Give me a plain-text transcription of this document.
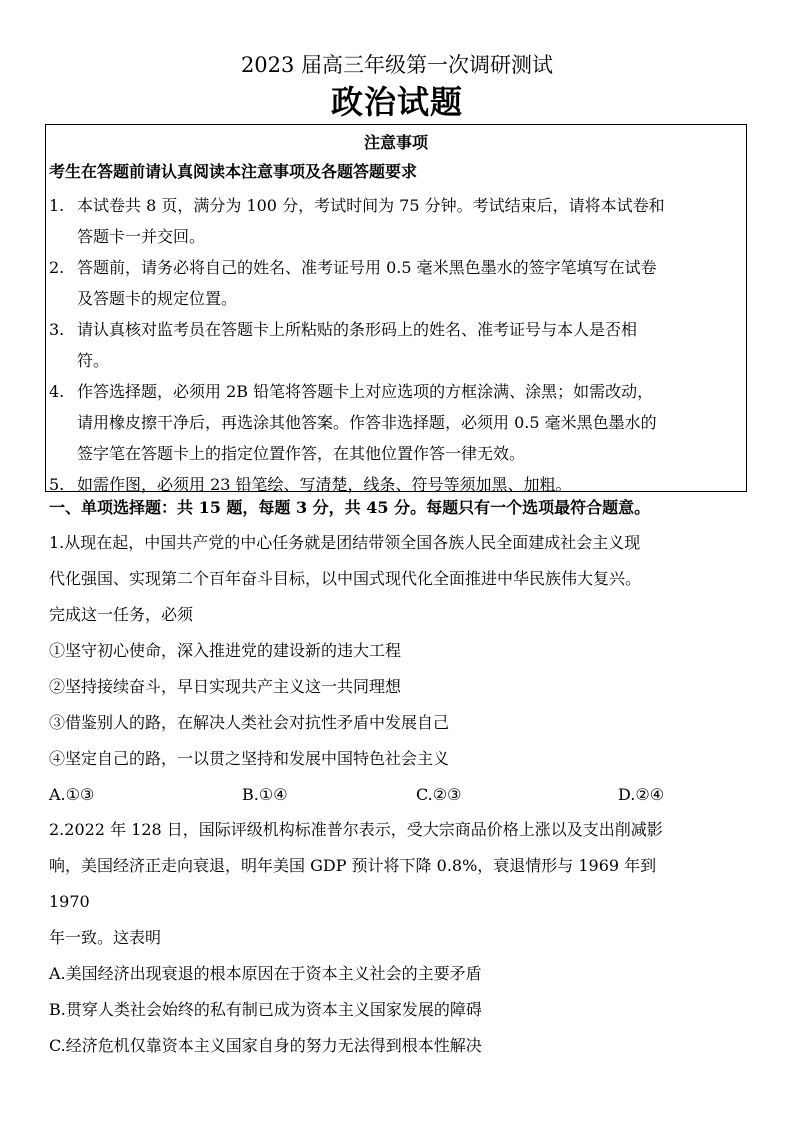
2023 届高三年级第一次调研测试
政治试题
注意事项
考生在答题前请认真阅读本注意事项及各题答题要求
1. 本试卷共 8 页，满分为 100 分，考试时间为 75 分钟。考试结束后，请将本试卷和
答题卡一并交回。
2. 答题前，请务必将自己的姓名、准考证号用 0.5 毫米黑色墨水的签字笔填写在试卷
及答题卡的规定位置。
3. 请认真核对监考员在答题卡上所粘贴的条形码上的姓名、准考证号与本人是否相
符。
4. 作答选择题，必须用 2B 铅笔将答题卡上对应选项的方框涂满、涂黑；如需改动，
请用橡皮擦干净后，再选涂其他答案。作答非选择题，必须用 0.5 毫米黑色墨水的
签字笔在答题卡上的指定位置作答，在其他位置作答一律无效。
5. 如需作图，必须用 23 铅笔绘、写清楚，线条、符号等须加黑、加粗。
一、单项选择题：共 15 题，每题 3 分，共 45 分。每题只有一个选项最符合题意。
1.从现在起，中国共产党的中心任务就是团结带领全国各族人民全面建成社会主义现
代化强国、实现第二个百年奋斗目标，以中国式现代化全面推进中华民族伟大复兴。
完成这一任务，必须
①坚守初心使命，深入推进党的建设新的违大工程
②坚持接续奋斗，早日实现共产主义这一共同理想
③借鉴别人的路，在解决人类社会对抗性矛盾中发展自己
④坚定自己的路，一以贯之坚持和发展中国特色社会主义
A.①③	B.①④	C.②③	D.②④
2.2022 年 128 日，国际评级机构标准普尔表示，受大宗商品价格上涨以及支出削减影
响，美国经济正走向衰退，明年美国 GDP 预计将下降 0.8%，衰退情形与 1969 年到
1970
年一致。这表明
A.美国经济出现衰退的根本原因在于资本主义社会的主要矛盾
B.贯穿人类社会始终的私有制已成为资本主义国家发展的障碍
C.经济危机仅靠资本主义国家自身的努力无法得到根本性解决
